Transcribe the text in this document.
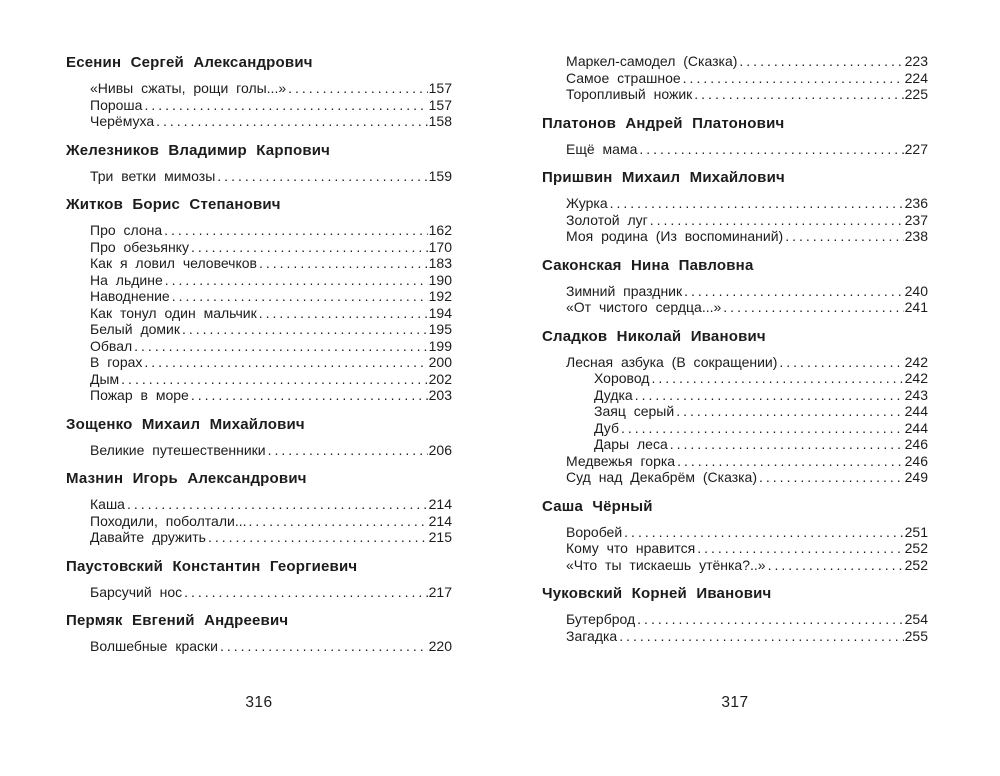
Есенин Сергей Александрович
«Нивы сжаты, рощи голы...» .....	157
Пороша .....	157
Черёмуха .....	158
Железников Владимир Карпович
Три ветки мимозы .....	159
Житков Борис Степанович
Про слона .....	162
Про обезьянку .....	170
Как я ловил человечков .....	183
На льдине .....	190
Наводнение .....	192
Как тонул один мальчик .....	194
Белый домик .....	195
Обвал .....	199
В горах .....	200
Дым .....	202
Пожар в море .....	203
Зощенко Михаил Михайлович
Великие путешественники .....	206
Мазнин Игорь Александрович
Каша .....	214
Походили, поболтали... .....	214
Давайте дружить .....	215
Паустовский Константин Георгиевич
Барсучий нос .....	217
Пермяк Евгений Андреевич
Волшебные краски .....	220
316
Маркел-самодел (Сказка) .....	223
Самое страшное .....	224
Торопливый ножик .....	225
Платонов Андрей Платонович
Ещё мама .....	227
Пришвин Михаил Михайлович
Журка .....	236
Золотой луг .....	237
Моя родина (Из воспоминаний) .....	238
Саконская Нина Павловна
Зимний праздник .....	240
«От чистого сердца...» .....	241
Сладков Николай Иванович
Лесная азбука (В сокращении) .....	242
Хоровод .....	242
Дудка .....	243
Заяц серый .....	244
Дуб .....	244
Дары леса .....	246
Медвежья горка .....	246
Суд над Декабрём (Сказка) .....	249
Саша Чёрный
Воробей .....	251
Кому что нравится .....	252
«Что ты тискаешь утёнка?..» .....	252
Чуковский Корней Иванович
Бутерброд .....	254
Загадка .....	255
317
